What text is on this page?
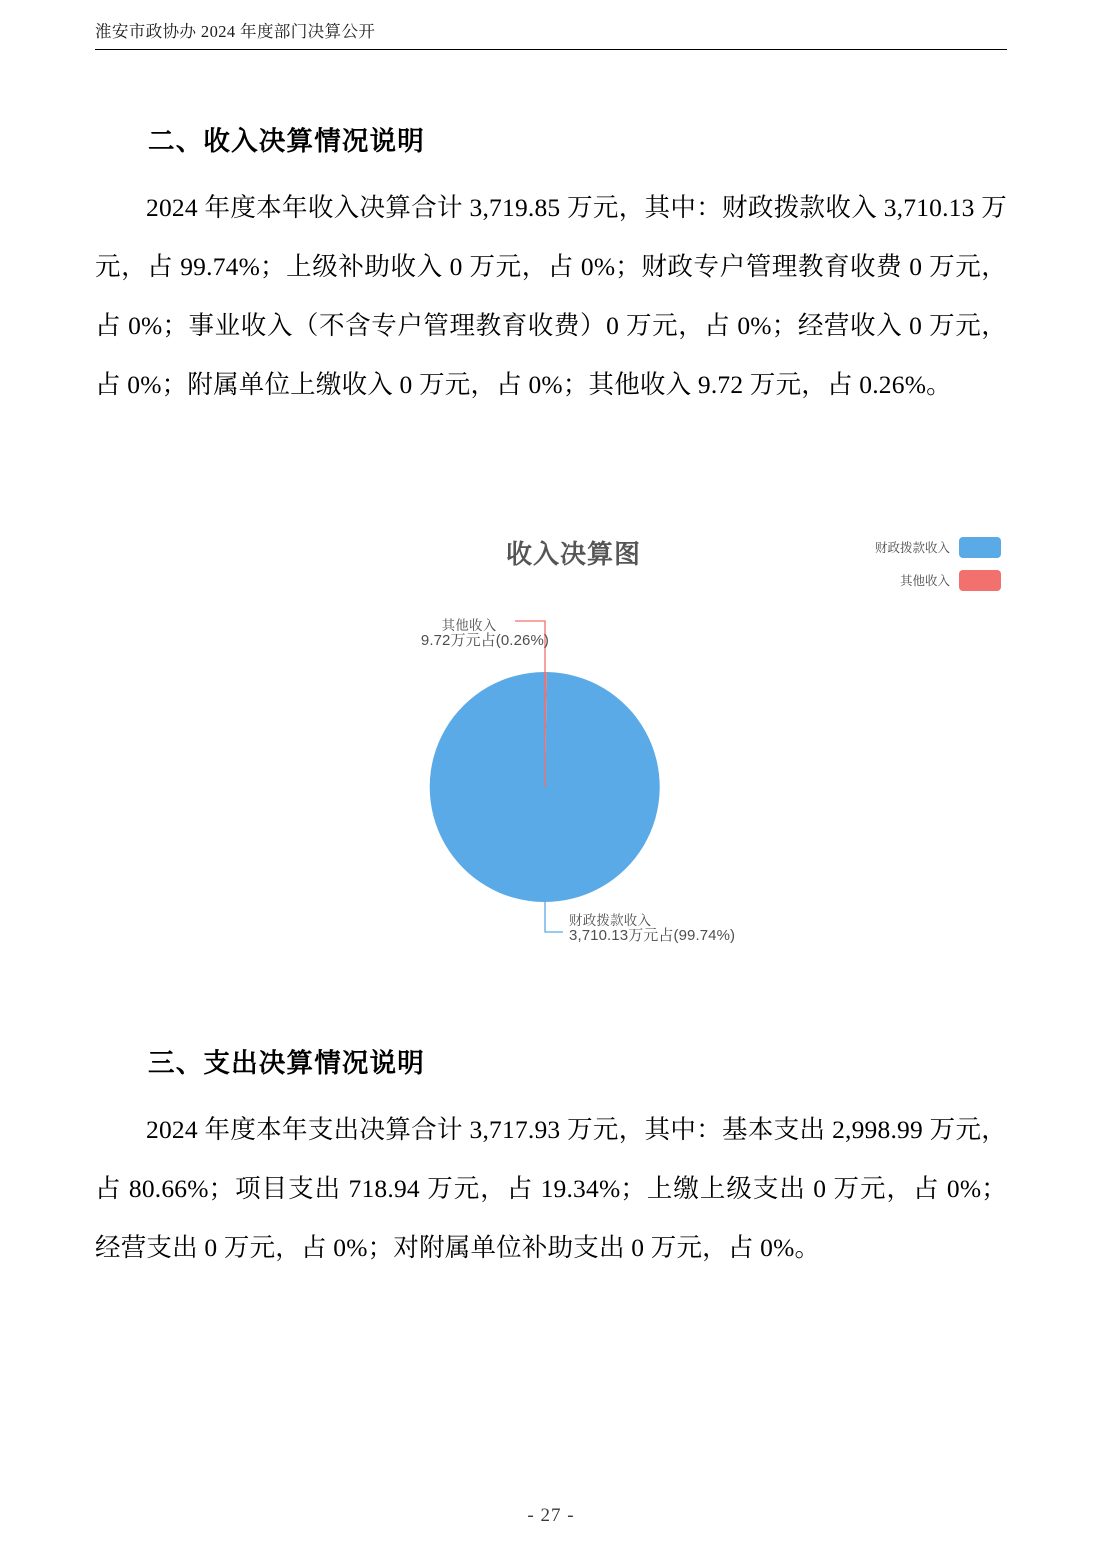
淮安市政协办 2024 年度部门决算公开
二、收入决算情况说明

2024 年度本年收入决算合计 3,719.85 万元，其中：财政拨款收入 3,710.13 万元，占 99.74%；上级补助收入 0 万元，占 0%；财政专户管理教育收费 0 万元，占 0%；事业收入（不含专户管理教育收费）0 万元，占 0%；经营收入 0 万元，占 0%；附属单位上缴收入 0 万元，占 0%；其他收入 9.72 万元，占 0.26%。

收入决算图	财政拨款收入
其他收入
其他收入
9.72万元占(0.26%)
财政拨款收入
3,710.13万元占(99.74%)
三、支出决算情况说明

2024 年度本年支出决算合计 3,717.93 万元，其中：基本支出 2,998.99 万元，占 80.66%；项目支出 718.94 万元，占 19.34%；上缴上级支出 0 万元，占 0%；经营支出 0 万元，占 0%；对附属单位补助支出 0 万元，占 0%。

- 27 -
